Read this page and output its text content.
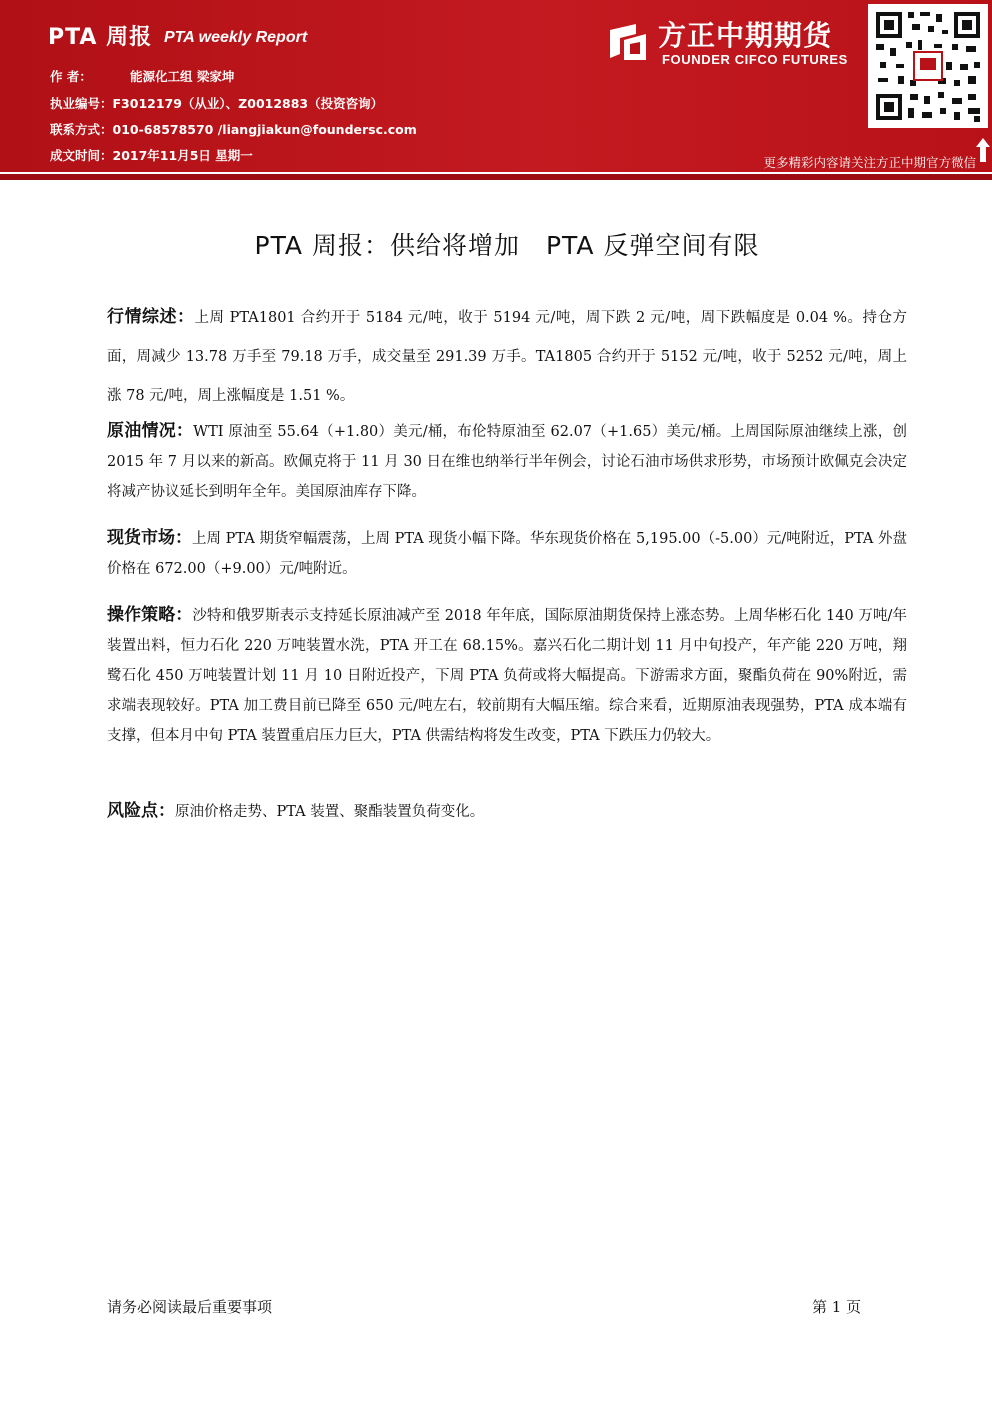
PTA 周报 PTA weekly Report
作 者：	能源化工组 梁家坤
执业编号：F3012179（从业）、Z0012883（投资咨询）
联系方式：010-68578570 /liangjiakun@foundersc.com
成文时间：2017年11月5日 星期一
方正中期期货
FOUNDER CIFCO FUTURES
更多精彩内容请关注方正中期官方微信
PTA 周报：供给将增加　PTA 反弹空间有限
行情综述：上周 PTA1801 合约开于 5184 元/吨，收于 5194 元/吨，周下跌 2 元/吨，周下跌幅度是 0.04 %。持仓方面，周减少 13.78 万手至 79.18 万手，成交量至 291.39 万手。TA1805 合约开于 5152 元/吨，收于 5252 元/吨，周上涨 78 元/吨，周上涨幅度是 1.51 %。
原油情况：WTI 原油至 55.64（+1.80）美元/桶，布伦特原油至 62.07（+1.65）美元/桶。上周国际原油继续上涨，创 2015 年 7 月以来的新高。欧佩克将于 11 月 30 日在维也纳举行半年例会，讨论石油市场供求形势，市场预计欧佩克会决定将减产协议延长到明年全年。美国原油库存下降。
现货市场：上周 PTA 期货窄幅震荡，上周 PTA 现货小幅下降。华东现货价格在 5,195.00（-5.00）元/吨附近，PTA 外盘价格在 672.00（+9.00）元/吨附近。
操作策略：沙特和俄罗斯表示支持延长原油减产至 2018 年年底，国际原油期货保持上涨态势。上周华彬石化 140 万吨/年装置出料，恒力石化 220 万吨装置水洗，PTA 开工在 68.15%。嘉兴石化二期计划 11 月中旬投产，年产能 220 万吨，翔鹭石化 450 万吨装置计划 11 月 10 日附近投产，下周 PTA 负荷或将大幅提高。下游需求方面，聚酯负荷在 90%附近，需求端表现较好。PTA 加工费目前已降至 650 元/吨左右，较前期有大幅压缩。综合来看，近期原油表现强势，PTA 成本端有支撑，但本月中旬 PTA 装置重启压力巨大，PTA 供需结构将发生改变，PTA 下跌压力仍较大。
风险点：原油价格走势、PTA 装置、聚酯装置负荷变化。
请务必阅读最后重要事项	第 1 页
